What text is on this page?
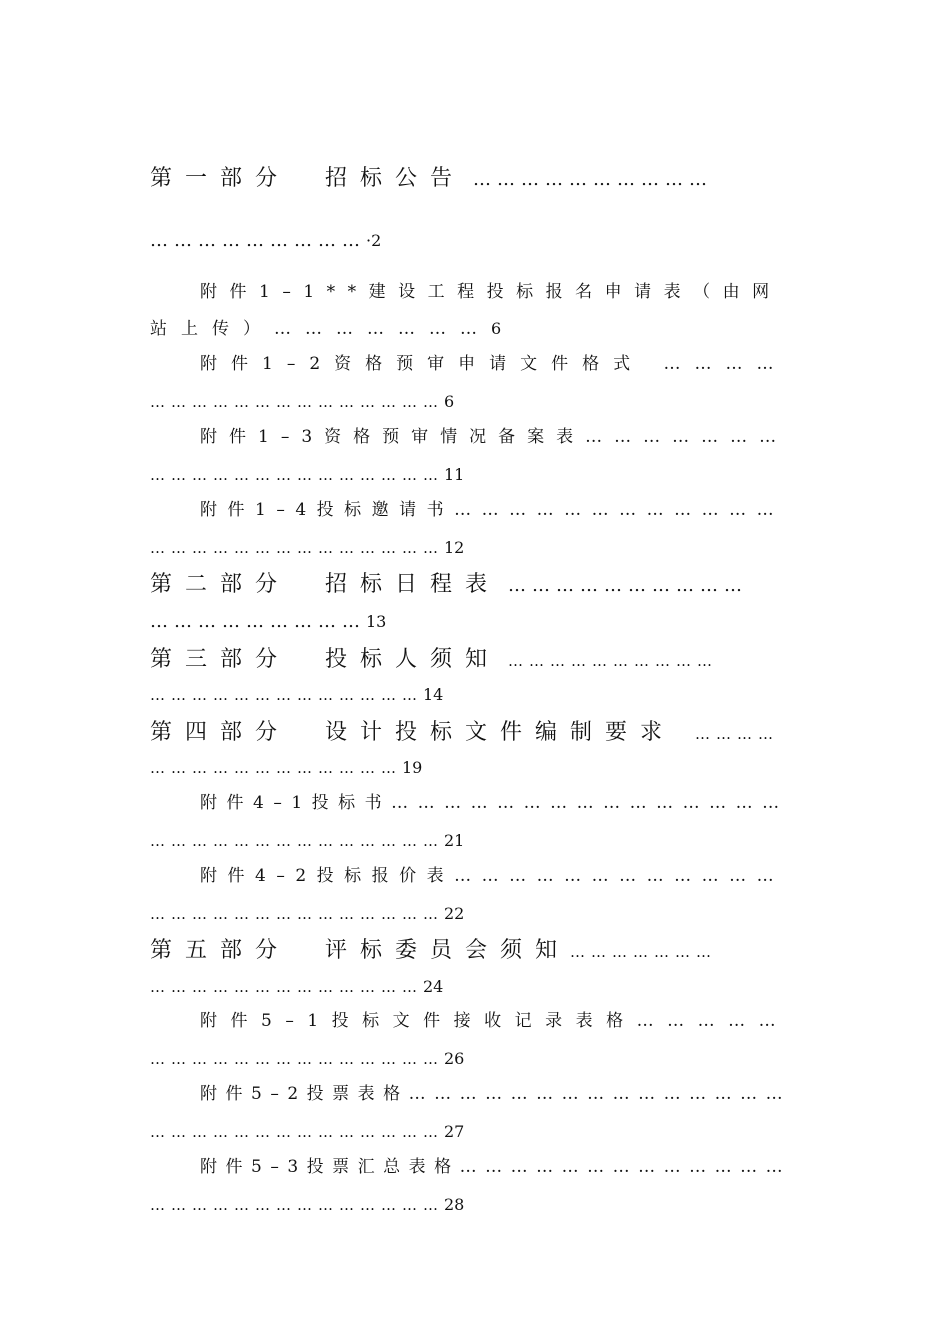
第一部分　招标公告 …………………………
………………………·2
附件1–1**建设工程投标报名申请表（由网
站上传）…………………6
附件1–2资格预审申请文件格式 …………
……………………………………6
附件1–3资格预审情况备案表…………………
……………………………………11
附件1–4投标邀请书………………………………
……………………………………12
第二部分　招标日程表 …………………………
………………………13
第三部分　投标人须知 …………………………
…………………………………14
第四部分　设计投标文件编制要求 …………
………………………………19
附件4–1投标书………………………………………
……………………………………21
附件4–2投标报价表………………………………
……………………………………22
第五部分　评标委员会须知…………………
…………………………………24
附件5–1投标文件接收记录表格……………
……………………………………26
附件5–2投票表格………………………………………
……………………………………27
附件5–3投票汇总表格…………………………………
……………………………………28
